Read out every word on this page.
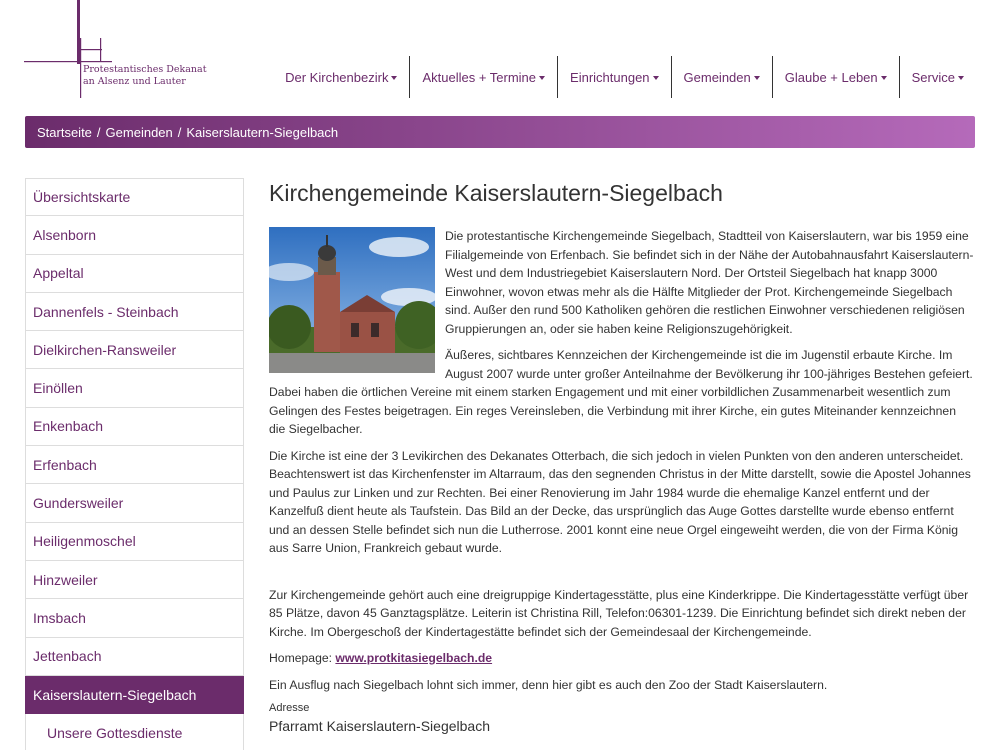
Protestantisches Dekanat
an Alsenz und Lauter	Der Kirchenbezirk	Aktuelles + Termine	Einrichtungen	Gemeinden	Glaube + Leben	Service
Startseite / Gemeinden / Kaiserslautern-Siegelbach
Übersichtskarte
Alsenborn
Appeltal
Dannenfels - Steinbach
Dielkirchen-Ransweiler
Einöllen
Enkenbach
Erfenbach
Gundersweiler
Heiligenmoschel
Hinzweiler
Imsbach
Jettenbach
Kaiserslautern-Siegelbach
Unsere Gottesdienste
Kirchengemeinde Kaiserslautern-Siegelbach

Die protestantische Kirchengemeinde Siegelbach, Stadtteil von Kaiserslautern, war bis 1959 eine Filialgemeinde von Erfenbach. Sie befindet sich in der Nähe der Autobahnausfahrt Kaiserslautern-West und dem Industriegebiet Kaiserslautern Nord. Der Ortsteil Siegelbach hat knapp 3000 Einwohner, wovon etwas mehr als die Hälfte Mitglieder der Prot. Kirchengemeinde Siegelbach sind. Außer den rund 500 Katholiken gehören die restlichen Einwohner verschiedenen religiösen Gruppierungen an, oder sie haben keine Religionszugehörigkeit.

Äußeres, sichtbares Kennzeichen der Kirchengemeinde ist die im Jugenstil erbaute Kirche. Im August 2007 wurde unter großer Anteilnahme der Bevölkerung ihr 100-jähriges Bestehen gefeiert. Dabei haben die örtlichen Vereine mit einem starken Engagement und mit einer vorbildlichen Zusammenarbeit wesentlich zum Gelingen des Festes beigetragen. Ein reges Vereinsleben, die Verbindung mit ihrer Kirche, ein gutes Miteinander kennzeichnen die Siegelbacher.

Die Kirche ist eine der 3 Levikirchen des Dekanates Otterbach, die sich jedoch in vielen Punkten von den anderen unterscheidet. Beachtenswert ist das Kirchenfenster im Altarraum, das den segnenden Christus in der Mitte darstellt, sowie die Apostel Johannes und Paulus zur Linken und zur Rechten. Bei einer Renovierung im Jahr 1984 wurde die ehemalige Kanzel entfernt und der Kanzelfuß dient heute als Taufstein. Das Bild an der Decke, das ursprünglich das Auge Gottes darstellte wurde ebenso entfernt und an dessen Stelle befindet sich nun die Lutherrose. 2001 konnt eine neue Orgel eingeweiht werden, die von der Firma König aus Sarre Union, Frankreich gebaut wurde.

Zur Kirchengemeinde gehört auch eine dreigruppige Kindertagesstätte, plus eine Kinderkrippe. Die Kindertagesstätte verfügt über 85 Plätze, davon 45 Ganztagsplätze. Leiterin ist Christina Rill, Telefon:06301-1239. Die Einrichtung befindet sich direkt neben der Kirche. Im Obergeschoß der Kindertagestätte befindet sich der Gemeindesaal der Kirchengemeinde.

Homepage: www.protkitasiegelbach.de

Ein Ausflug nach Siegelbach lohnt sich immer, denn hier gibt es auch den Zoo der Stadt Kaiserslautern.

Adresse
Pfarramt Kaiserslautern-Siegelbach
